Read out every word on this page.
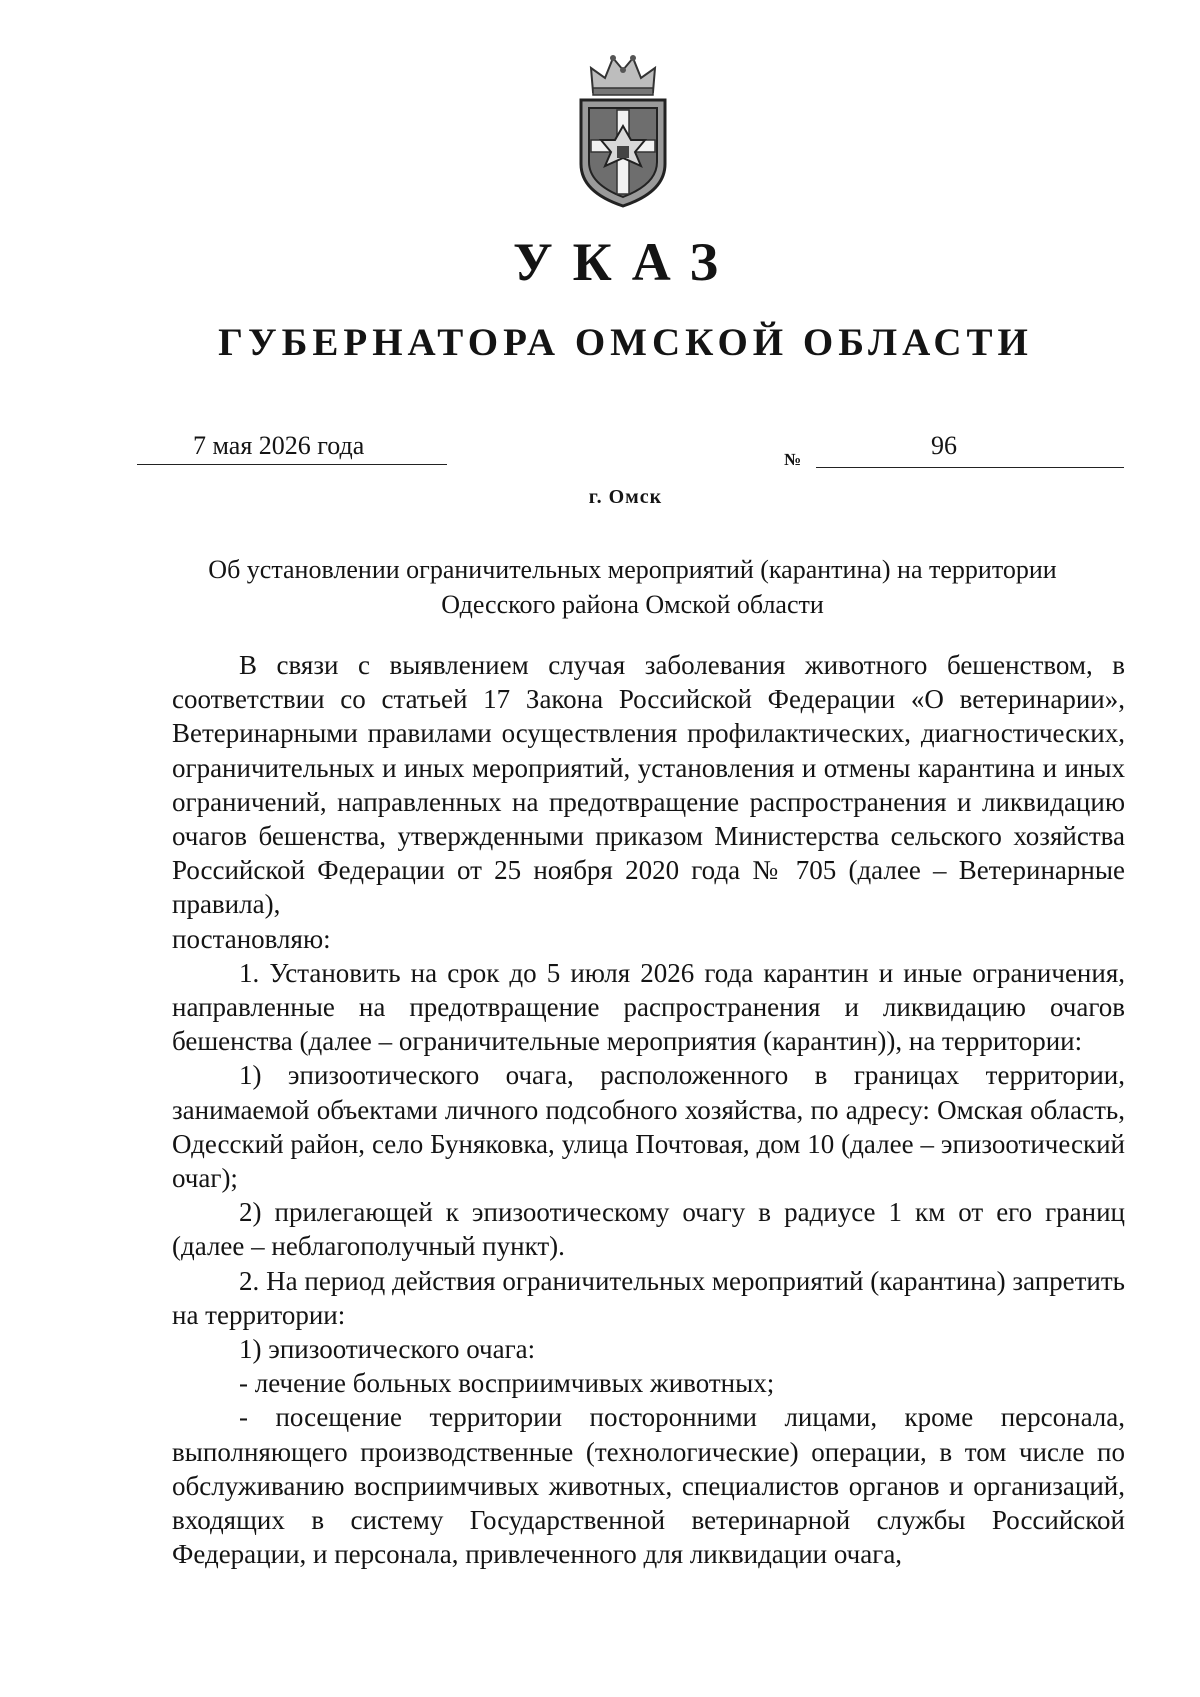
УКАЗ
ГУБЕРНАТОРА ОМСКОЙ ОБЛАСТИ
7 мая 2026 года	№	96
г. Омск
Об установлении ограничительных мероприятий (карантина) на территории
Одесского района Омской области

В связи с выявлением случая заболевания животного бешенством, в соответствии со статьей 17 Закона Российской Федерации «О ветеринарии», Ветеринарными правилами осуществления профилактических, диагностических, ограничительных и иных мероприятий, установления и отмены карантина и иных ограничений, направленных на предотвращение распространения и ликвидацию очагов бешенства, утвержденными приказом Министерства сельского хозяйства Российской Федерации от 25 ноября 2020 года № 705 (далее – Ветеринарные правила),

постановляю:

1. Установить на срок до 5 июля 2026 года карантин и иные ограничения, направленные на предотвращение распространения и ликвидацию очагов бешенства (далее – ограничительные мероприятия (карантин)), на территории:

1) эпизоотического очага, расположенного в границах территории, занимаемой объектами личного подсобного хозяйства, по адресу: Омская область, Одесский район, село Буняковка, улица Почтовая, дом 10 (далее – эпизоотический очаг);

2) прилегающей к эпизоотическому очагу в радиусе 1 км от его границ (далее – неблагополучный пункт).

2. На период действия ограничительных мероприятий (карантина) запретить на территории:

1) эпизоотического очага:

- лечение больных восприимчивых животных;

- посещение территории посторонними лицами, кроме персонала, выполняющего производственные (технологические) операции, в том числе по обслуживанию восприимчивых животных, специалистов органов и организаций, входящих в систему Государственной ветеринарной службы Российской Федерации, и персонала, привлеченного для ликвидации очага,
